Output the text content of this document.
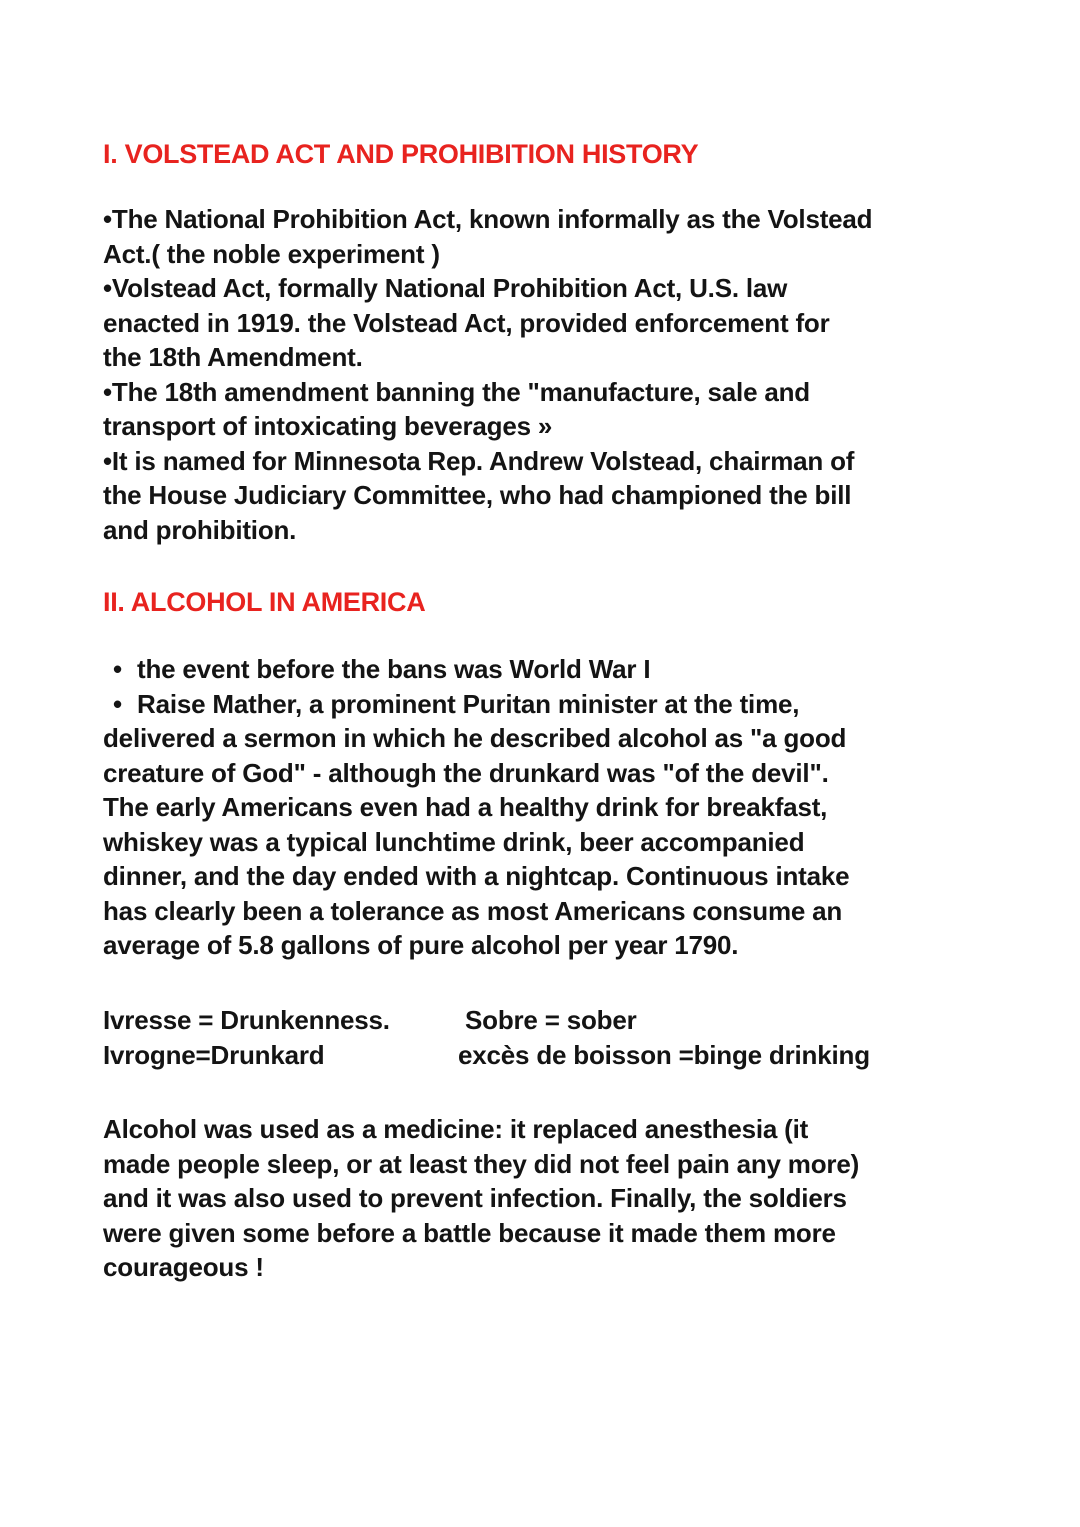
I. VOLSTEAD ACT AND PROHIBITION HISTORY
•The National Prohibition Act, known informally as the Volstead
Act.( the noble experiment )
•Volstead Act, formally National Prohibition Act, U.S. law
enacted in 1919. the Volstead Act, provided enforcement for
the 18th Amendment.
•The 18th amendment banning the "manufacture, sale and
transport of intoxicating beverages »
•It is named for Minnesota Rep. Andrew Volstead, chairman of
the House Judiciary Committee, who had championed the bill
and prohibition.
II. ALCOHOL IN AMERICA
• the event before the bans was World War I
• Raise Mather, a prominent Puritan minister at the time,
delivered a sermon in which he described alcohol as "a good
creature of God" - although the drunkard was "of the devil".
The early Americans even had a healthy drink for breakfast,
whiskey was a typical lunchtime drink, beer accompanied
dinner, and the day ended with a nightcap. Continuous intake
has clearly been a tolerance as most Americans consume an
average of 5.8 gallons of pure alcohol per year 1790.
Ivresse = Drunkenness.	Sobre = sober
Ivrogne=Drunkard	excès de boisson =binge drinking
Alcohol was used as a medicine: it replaced anesthesia (it
made people sleep, or at least they did not feel pain any more)
and it was also used to prevent infection. Finally, the soldiers
were given some before a battle because it made them more
courageous !
